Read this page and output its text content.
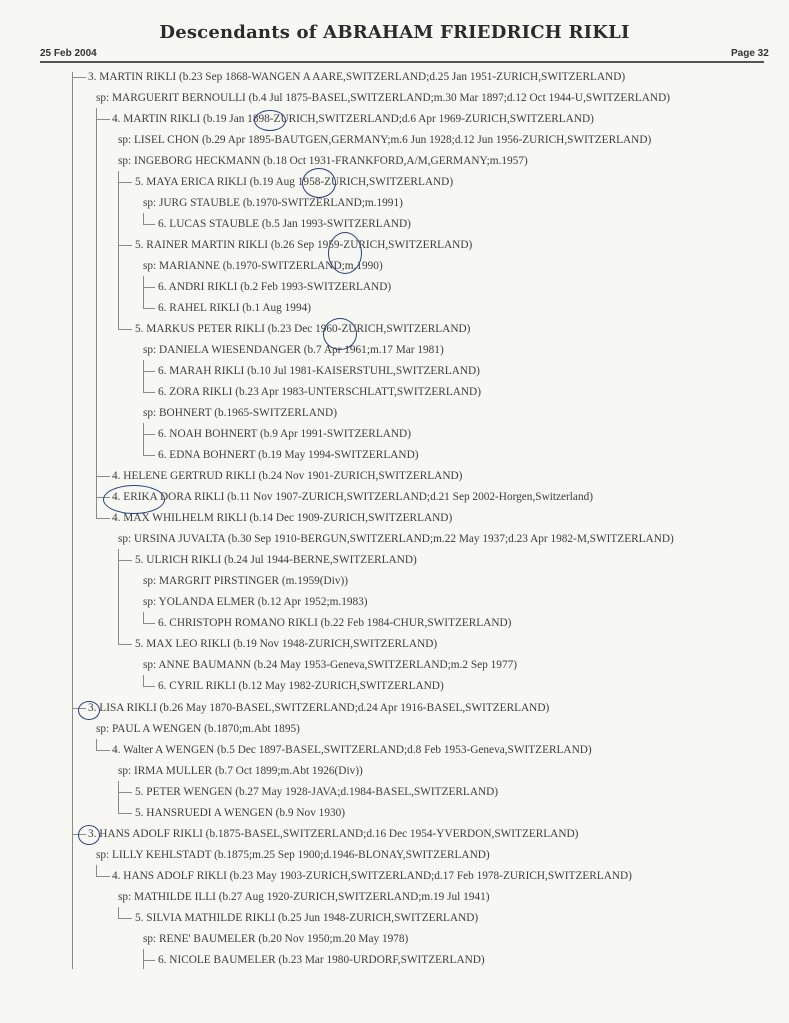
Descendants of ABRAHAM FRIEDRICH RIKLI
25 Feb 2004	Page 32
3. MARTIN RIKLI (b.23 Sep 1868-WANGEN A AARE,SWITZERLAND;d.25 Jan 1951-ZURICH,SWITZERLAND)
sp: MARGUERIT BERNOULLI (b.4 Jul 1875-BASEL,SWITZERLAND;m.30 Mar 1897;d.12 Oct 1944-U,SWITZERLAND)
4. MARTIN RIKLI (b.19 Jan 1898-ZURICH,SWITZERLAND;d.6 Apr 1969-ZURICH,SWITZERLAND)
sp: LISEL CHON (b.29 Apr 1895-BAUTGEN,GERMANY;m.6 Jun 1928;d.12 Jun 1956-ZURICH,SWITZERLAND)
sp: INGEBORG HECKMANN (b.18 Oct 1931-FRANKFORD,A/M,GERMANY;m.1957)
5. MAYA ERICA RIKLI (b.19 Aug 1958-ZURICH,SWITZERLAND)
sp: JURG STAUBLE (b.1970-SWITZERLAND;m.1991)
6. LUCAS STAUBLE (b.5 Jan 1993-SWITZERLAND)
5. RAINER MARTIN RIKLI (b.26 Sep 1959-ZURICH,SWITZERLAND)
sp: MARIANNE (b.1970-SWITZERLAND;m.1990)
6. ANDRI RIKLI (b.2 Feb 1993-SWITZERLAND)
6. RAHEL RIKLI (b.1 Aug 1994)
5. MARKUS PETER RIKLI (b.23 Dec 1960-ZURICH,SWITZERLAND)
sp: DANIELA WIESENDANGER (b.7 Apr 1961;m.17 Mar 1981)
6. MARAH RIKLI (b.10 Jul 1981-KAISERSTUHL,SWITZERLAND)
6. ZORA RIKLI (b.23 Apr 1983-UNTERSCHLATT,SWITZERLAND)
sp: BOHNERT (b.1965-SWITZERLAND)
6. NOAH BOHNERT (b.9 Apr 1991-SWITZERLAND)
6. EDNA BOHNERT (b.19 May 1994-SWITZERLAND)
4. HELENE GERTRUD RIKLI (b.24 Nov 1901-ZURICH,SWITZERLAND)
4. ERIKA DORA RIKLI (b.11 Nov 1907-ZURICH,SWITZERLAND;d.21 Sep 2002-Horgen,Switzerland)
4. MAX WHILHELM RIKLI (b.14 Dec 1909-ZURICH,SWITZERLAND)
sp: URSINA JUVALTA (b.30 Sep 1910-BERGUN,SWITZERLAND;m.22 May 1937;d.23 Apr 1982-M,SWITZERLAND)
5. ULRICH RIKLI (b.24 Jul 1944-BERNE,SWITZERLAND)
sp: MARGRIT PIRSTINGER (m.1959(Div))
sp: YOLANDA ELMER (b.12 Apr 1952;m.1983)
6. CHRISTOPH ROMANO RIKLI (b.22 Feb 1984-CHUR,SWITZERLAND)
5. MAX LEO RIKLI (b.19 Nov 1948-ZURICH,SWITZERLAND)
sp: ANNE BAUMANN (b.24 May 1953-Geneva,SWITZERLAND;m.2 Sep 1977)
6. CYRIL RIKLI (b.12 May 1982-ZURICH,SWITZERLAND)
3. LISA RIKLI (b.26 May 1870-BASEL,SWITZERLAND;d.24 Apr 1916-BASEL,SWITZERLAND)
sp: PAUL A WENGEN (b.1870;m.Abt 1895)
4. Walter A WENGEN (b.5 Dec 1897-BASEL,SWITZERLAND;d.8 Feb 1953-Geneva,SWITZERLAND)
sp: IRMA MULLER (b.7 Oct 1899;m.Abt 1926(Div))
5. PETER WENGEN (b.27 May 1928-JAVA;d.1984-BASEL,SWITZERLAND)
5. HANSRUEDI A WENGEN (b.9 Nov 1930)
3. HANS ADOLF RIKLI (b.1875-BASEL,SWITZERLAND;d.16 Dec 1954-YVERDON,SWITZERLAND)
sp: LILLY KEHLSTADT (b.1875;m.25 Sep 1900;d.1946-BLONAY,SWITZERLAND)
4. HANS ADOLF RIKLI (b.23 May 1903-ZURICH,SWITZERLAND;d.17 Feb 1978-ZURICH,SWITZERLAND)
sp: MATHILDE ILLI (b.27 Aug 1920-ZURICH,SWITZERLAND;m.19 Jul 1941)
5. SILVIA MATHILDE RIKLI (b.25 Jun 1948-ZURICH,SWITZERLAND)
sp: RENE' BAUMELER (b.20 Nov 1950;m.20 May 1978)
6. NICOLE BAUMELER (b.23 Mar 1980-URDORF,SWITZERLAND)
